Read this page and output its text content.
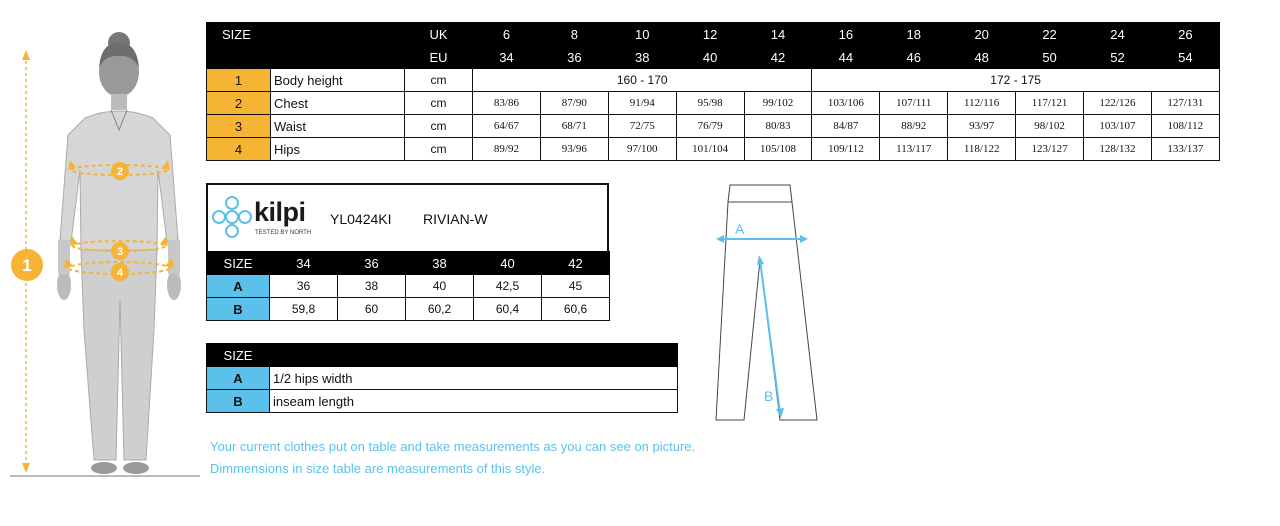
1
2
3
4
SIZE		UK	6	8	10	12	14	16	18	20	22	24	26
		EU	34	36	38	40	42	44	46	48	50	52	54
1	Body height	cm	160 - 170					172 - 175					
2	Chest	cm	83/86	87/90	91/94	95/98	99/102	103/106	107/111	112/116	117/121	122/126	127/131
3	Waist	cm	64/67	68/71	72/75	76/79	80/83	84/87	88/92	93/97	98/102	103/107	108/112
4	Hips	cm	89/92	93/96	97/100	101/104	105/108	109/112	113/117	118/122	123/127	128/132	133/137
kilpi
TESTED BY NORTH
YL0424KI RIVIAN-W
SIZE	34	36	38	40	42
A	36	38	40	42,5	45
B	59,8	60	60,2	60,4	60,6
SIZE	
A	1/2 hips width
B	inseam length
A
B
Your current clothes put on table and take measurements as you can see on picture.
Dimmensions in size table are measurements of this style.
